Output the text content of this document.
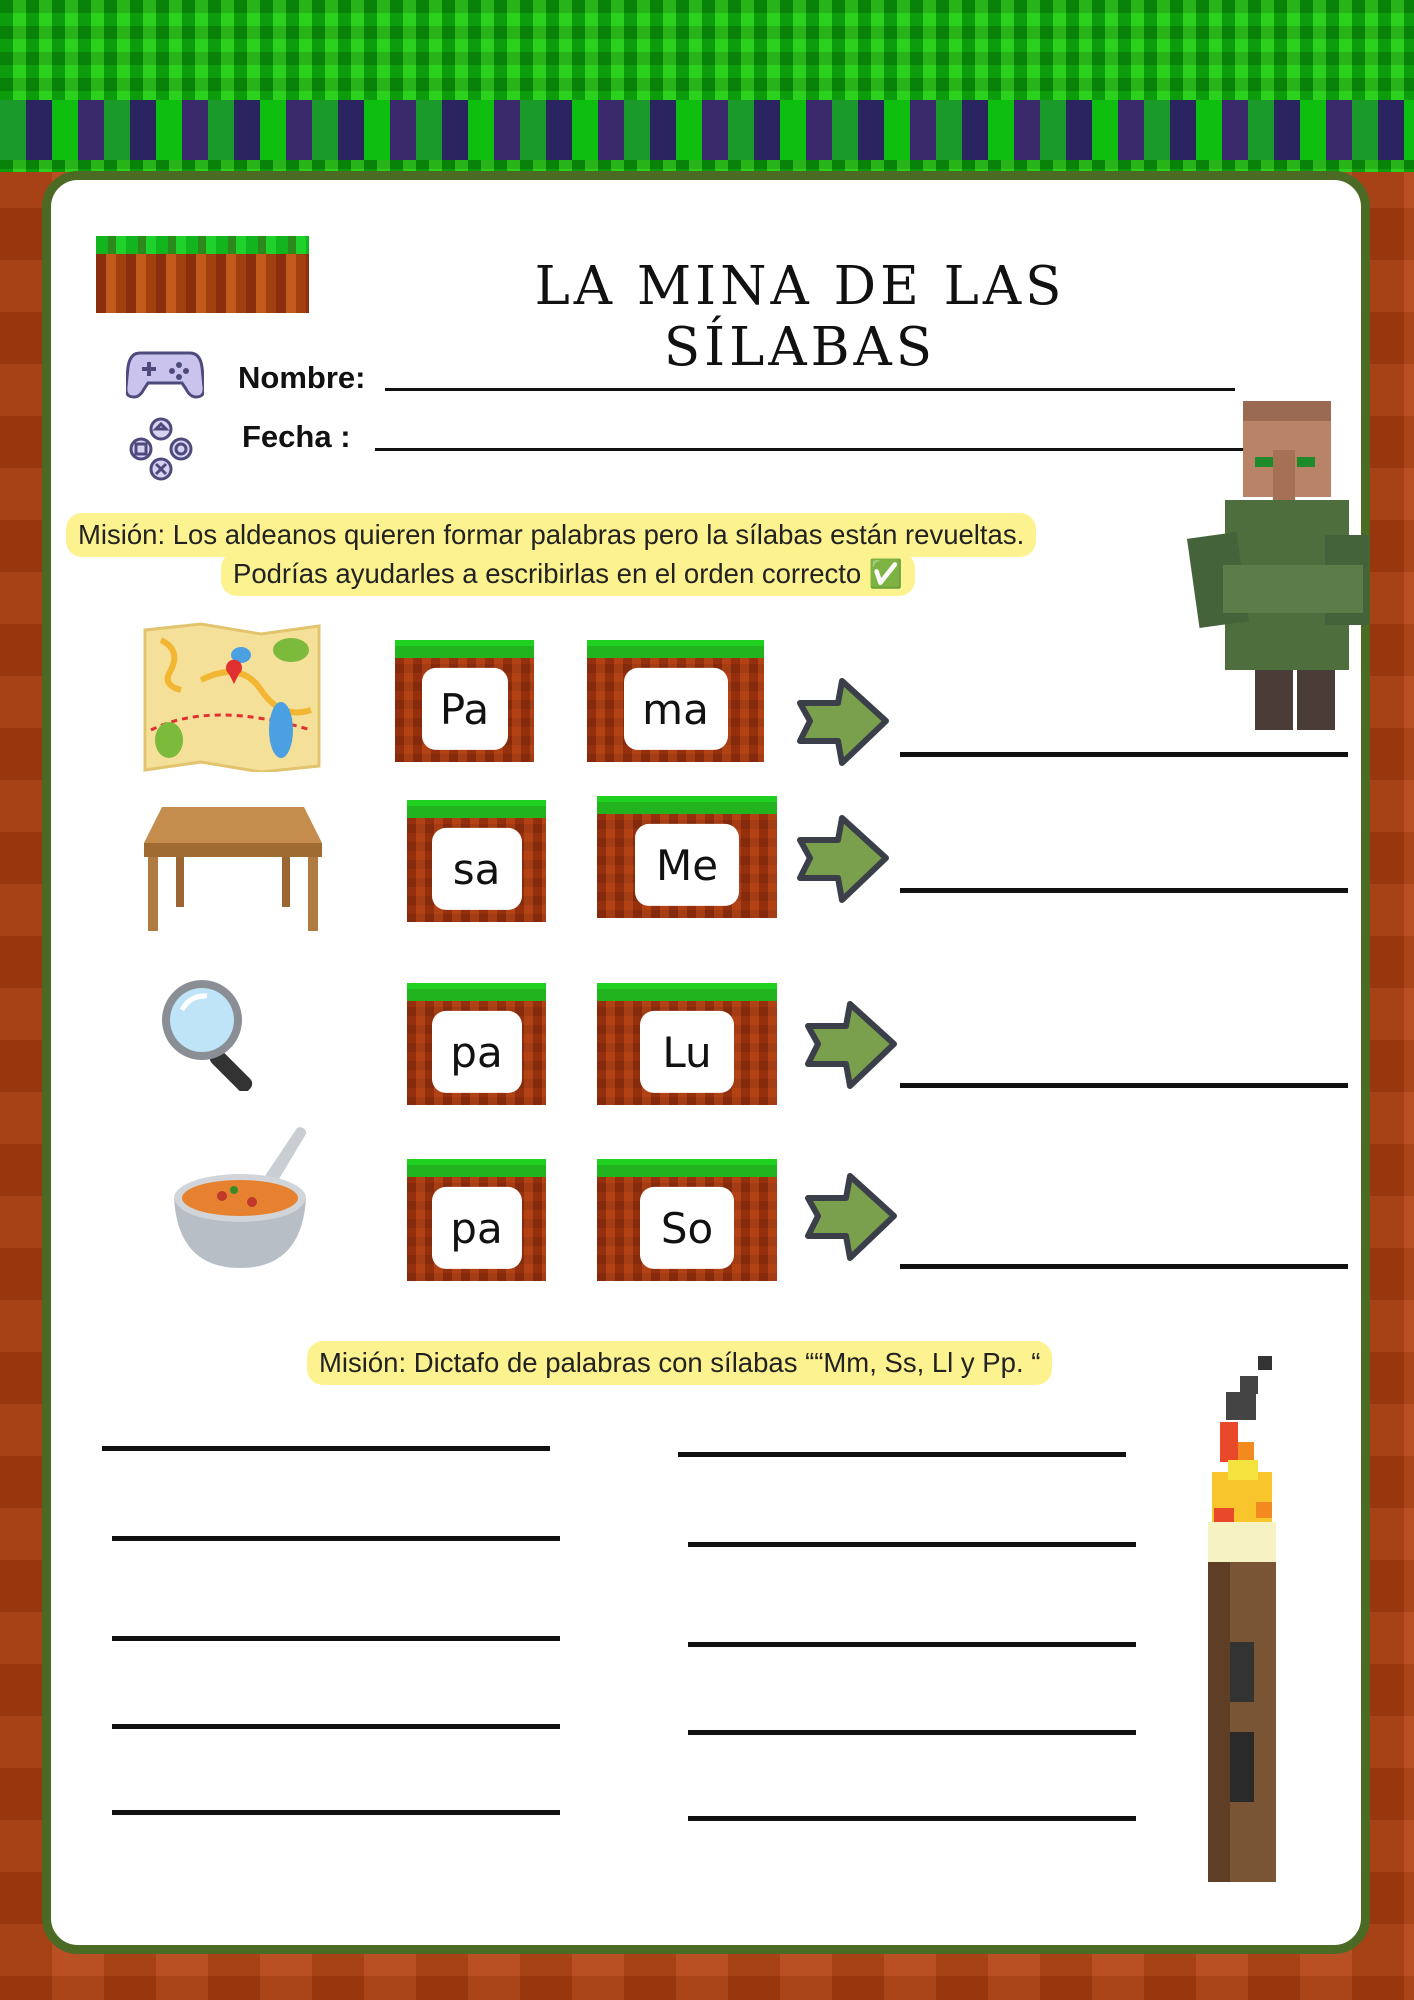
LA MINA DE LAS SÍLABAS
Nombre:
Fecha :
Misión: Los aldeanos quieren formar palabras pero la sílabas están revueltas.
Podrías ayudarles a escribirlas en el orden correcto ✅
Pa	ma
sa	Me
pa	Lu
pa	So
Misión: Dictafo de palabras con sílabas ““Mm, Ss, Ll y Pp. “
